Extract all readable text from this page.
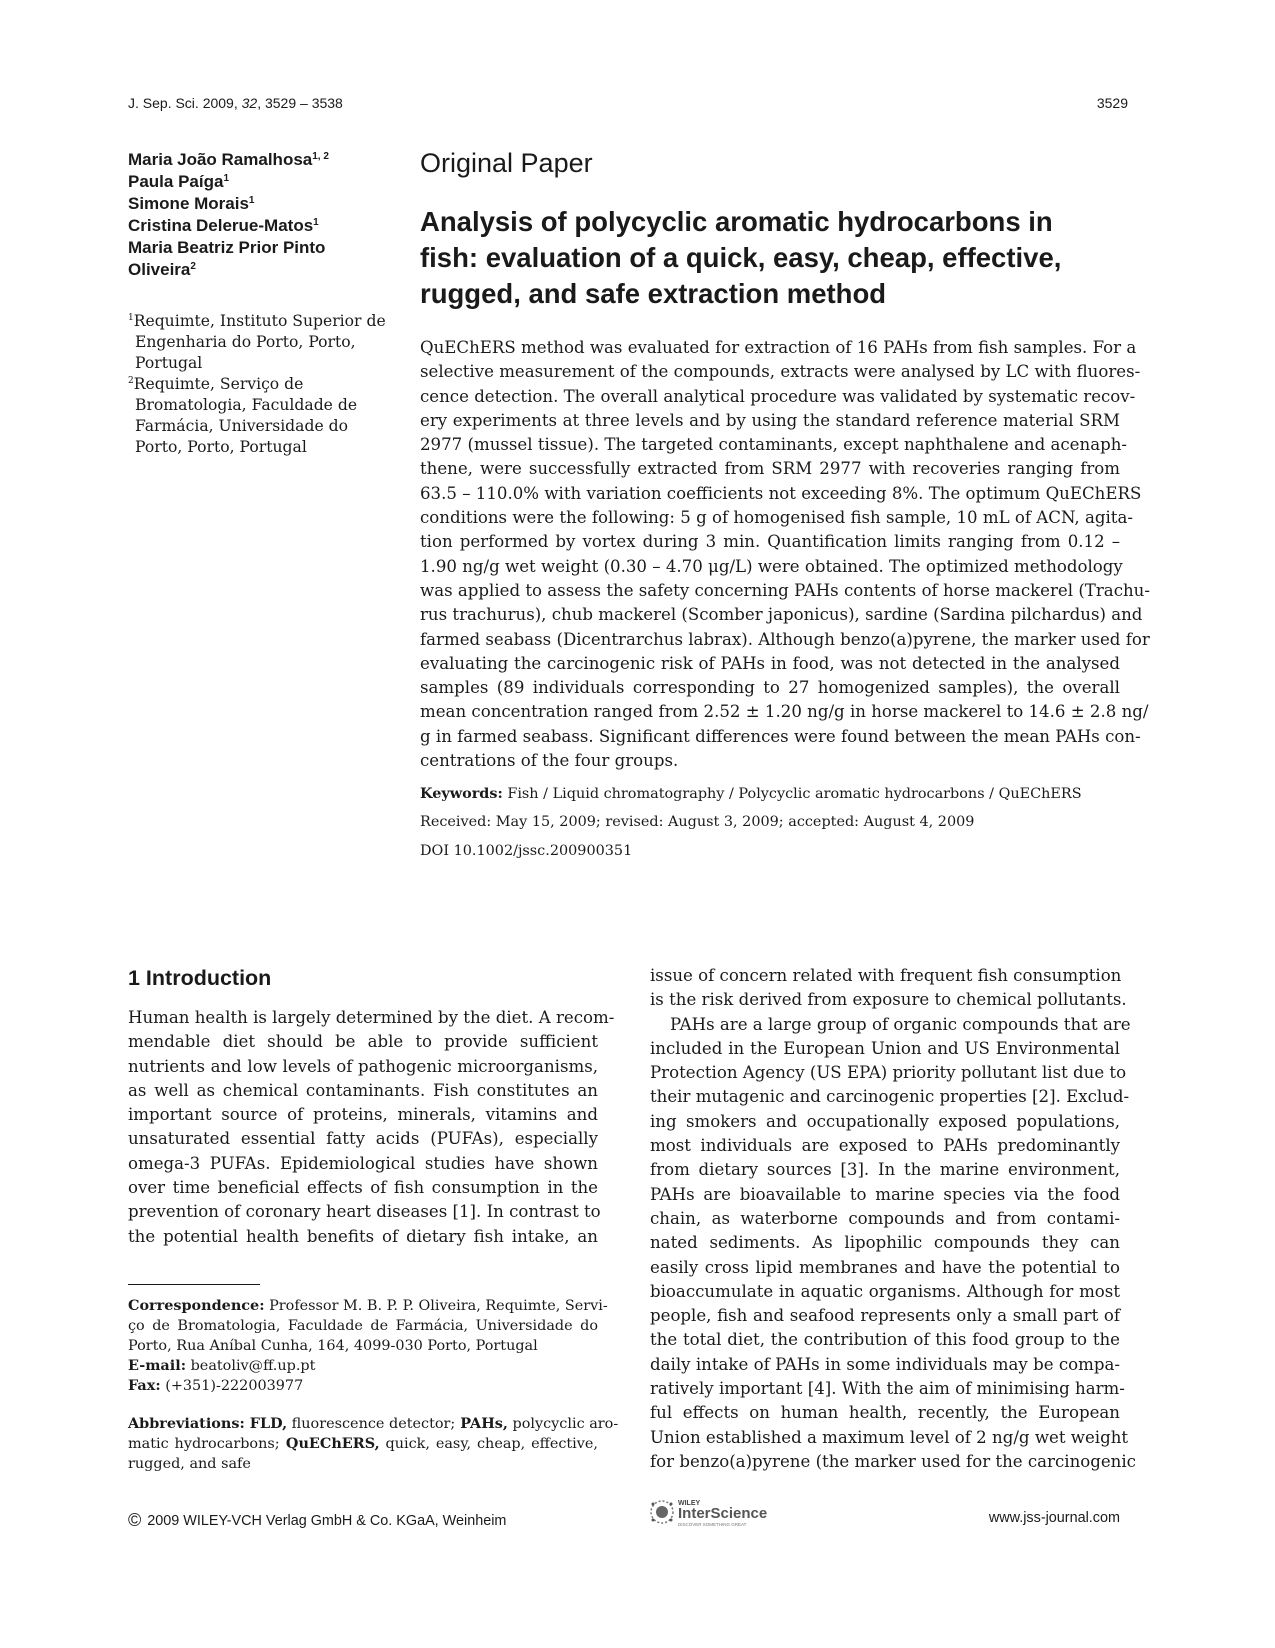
J. Sep. Sci. 2009, 32, 3529 – 3538	3529
Maria João Ramalhosa$^{1, 2}$
Paula Paíga$^1$
Simone Morais$^1$
Cristina Delerue-Matos$^1$
Maria Beatriz Prior Pinto
Oliveira$^2$
$^1$Requimte, Instituto Superior de
Engenharia do Porto, Porto,
Portugal
$^2$Requimte, Serviço de
Bromatologia, Faculdade de
Farmácia, Universidade do
Porto, Porto, Portugal
Original Paper
Analysis of polycyclic aromatic hydrocarbons in
fish: evaluation of a quick, easy, cheap, effective,
rugged, and safe extraction method
QuEChERS method was evaluated for extraction of 16 PAHs from fish samples. For a
selective measurement of the compounds, extracts were analysed by LC with fluores-
cence detection. The overall analytical procedure was validated by systematic recov-
ery experiments at three levels and by using the standard reference material SRM
2977 (mussel tissue). The targeted contaminants, except naphthalene and acenaph-
thene, were successfully extracted from SRM 2977 with recoveries ranging from
63.5 – 110.0% with variation coefficients not exceeding 8%. The optimum QuEChERS
conditions were the following: 5 g of homogenised fish sample, 10 mL of ACN, agita-
tion performed by vortex during 3 min. Quantification limits ranging from 0.12 –
1.90 ng/g wet weight (0.30 – 4.70 μg/L) were obtained. The optimized methodology
was applied to assess the safety concerning PAHs contents of horse mackerel (Trachu-
rus trachurus), chub mackerel (Scomber japonicus), sardine (Sardina pilchardus) and
farmed seabass (Dicentrarchus labrax). Although benzo(a)pyrene, the marker used for
evaluating the carcinogenic risk of PAHs in food, was not detected in the analysed
samples (89 individuals corresponding to 27 homogenized samples), the overall
mean concentration ranged from 2.52 ± 1.20 ng/g in horse mackerel to 14.6 ± 2.8 ng/
g in farmed seabass. Significant differences were found between the mean PAHs con-
centrations of the four groups.
Keywords: Fish / Liquid chromatography / Polycyclic aromatic hydrocarbons / QuEChERS
Received: May 15, 2009; revised: August 3, 2009; accepted: August 4, 2009
DOI 10.1002/jssc.200900351
1 Introduction
Human health is largely determined by the diet. A recom-
mendable diet should be able to provide sufficient
nutrients and low levels of pathogenic microorganisms,
as well as chemical contaminants. Fish constitutes an
important source of proteins, minerals, vitamins and
unsaturated essential fatty acids (PUFAs), especially
omega-3 PUFAs. Epidemiological studies have shown
over time beneficial effects of fish consumption in the
prevention of coronary heart diseases [1]. In contrast to
the potential health benefits of dietary fish intake, an
issue of concern related with frequent fish consumption
is the risk derived from exposure to chemical pollutants.
PAHs are a large group of organic compounds that are
included in the European Union and US Environmental
Protection Agency (US EPA) priority pollutant list due to
their mutagenic and carcinogenic properties [2]. Exclud-
ing smokers and occupationally exposed populations,
most individuals are exposed to PAHs predominantly
from dietary sources [3]. In the marine environment,
PAHs are bioavailable to marine species via the food
chain, as waterborne compounds and from contami-
nated sediments. As lipophilic compounds they can
easily cross lipid membranes and have the potential to
bioaccumulate in aquatic organisms. Although for most
people, fish and seafood represents only a small part of
the total diet, the contribution of this food group to the
daily intake of PAHs in some individuals may be compa-
ratively important [4]. With the aim of minimising harm-
ful effects on human health, recently, the European
Union established a maximum level of 2 ng/g wet weight
for benzo(a)pyrene (the marker used for the carcinogenic
Correspondence: Professor M. B. P. P. Oliveira, Requimte, Servi-
ço de Bromatologia, Faculdade de Farmácia, Universidade do
Porto, Rua Aníbal Cunha, 164, 4099-030 Porto, Portugal
E-mail: beatoliv@ff.up.pt
Fax: (+351)-222003977
Abbreviations: FLD, fluorescence detector; PAHs, polycyclic aro-
matic hydrocarbons; QuEChERS, quick, easy, cheap, effective,
rugged, and safe
© 2009 WILEY-VCH Verlag GmbH & Co. KGaA, Weinheim
WILEY
InterScience
DISCOVER SOMETHING GREAT	www.jss-journal.com
